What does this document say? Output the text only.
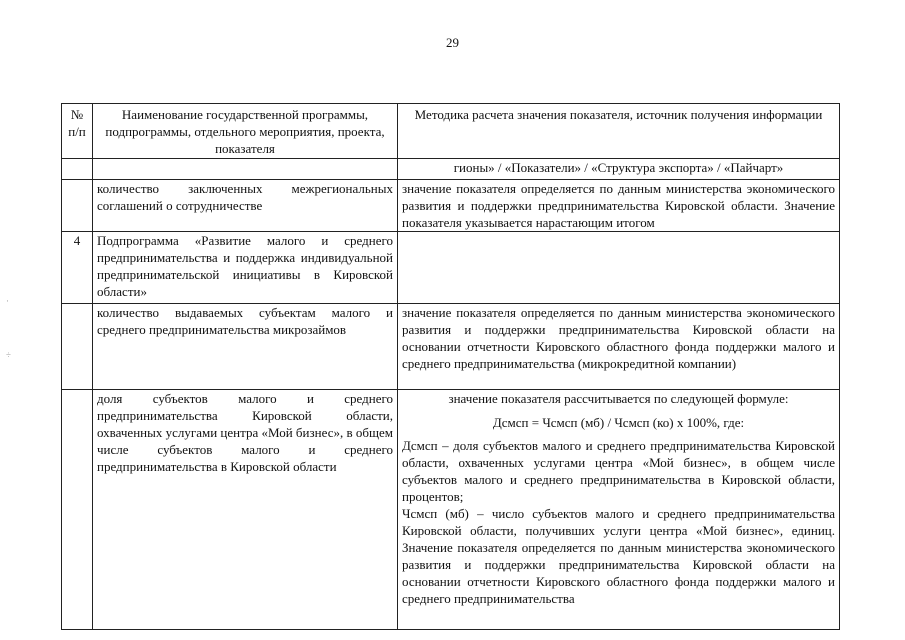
29
·
÷
№ п/п	Наименование государственной программы, подпрограммы, отдельного мероприятия, проекта, показателя	Методика расчета значения показателя, источник получения информации
		гионы» / «Показатели» / «Структура экспорта» / «Пайчарт»
	количество заключенных межрегиональных соглашений о сотрудничестве	значение показателя определяется по данным министерства экономического развития и поддержки предпринимательства Кировской области. Значение показателя указывается нарастающим итогом
4	Подпрограмма «Развитие малого и среднего предпринимательства и поддержка индивидуальной предпринимательской инициативы в Кировской области»	
	количество выдаваемых субъектам малого и среднего предпринимательства микрозаймов	значение показателя определяется по данным министерства экономического развития и поддержки предпринимательства Кировской области на основании отчетности Кировского областного фонда поддержки малого и среднего предпринимательства (микрокредитной компании)
	доля субъектов малого и среднего предпринимательства Кировской области, охваченных услугами центра «Мой бизнес», в общем числе субъектов малого и среднего предпринимательства в Кировской области	значение показателя рассчитывается по следующей формуле:
Дсмсп = Чсмсп (мб) / Чсмсп (ко) x 100%, где:
Дсмсп – доля субъектов малого и среднего предпринимательства Кировской области, охваченных услугами центра «Мой бизнес», в общем числе субъектов малого и среднего предпринимательства в Кировской области, процентов;
Чсмсп (мб) – число субъектов малого и среднего предпринимательства Кировской области, получивших услуги центра «Мой бизнес», единиц. Значение показателя определяется по данным министерства экономического развития и поддержки предпринимательства Кировской области на основании отчетности Кировского областного фонда поддержки малого и среднего предпринимательства
